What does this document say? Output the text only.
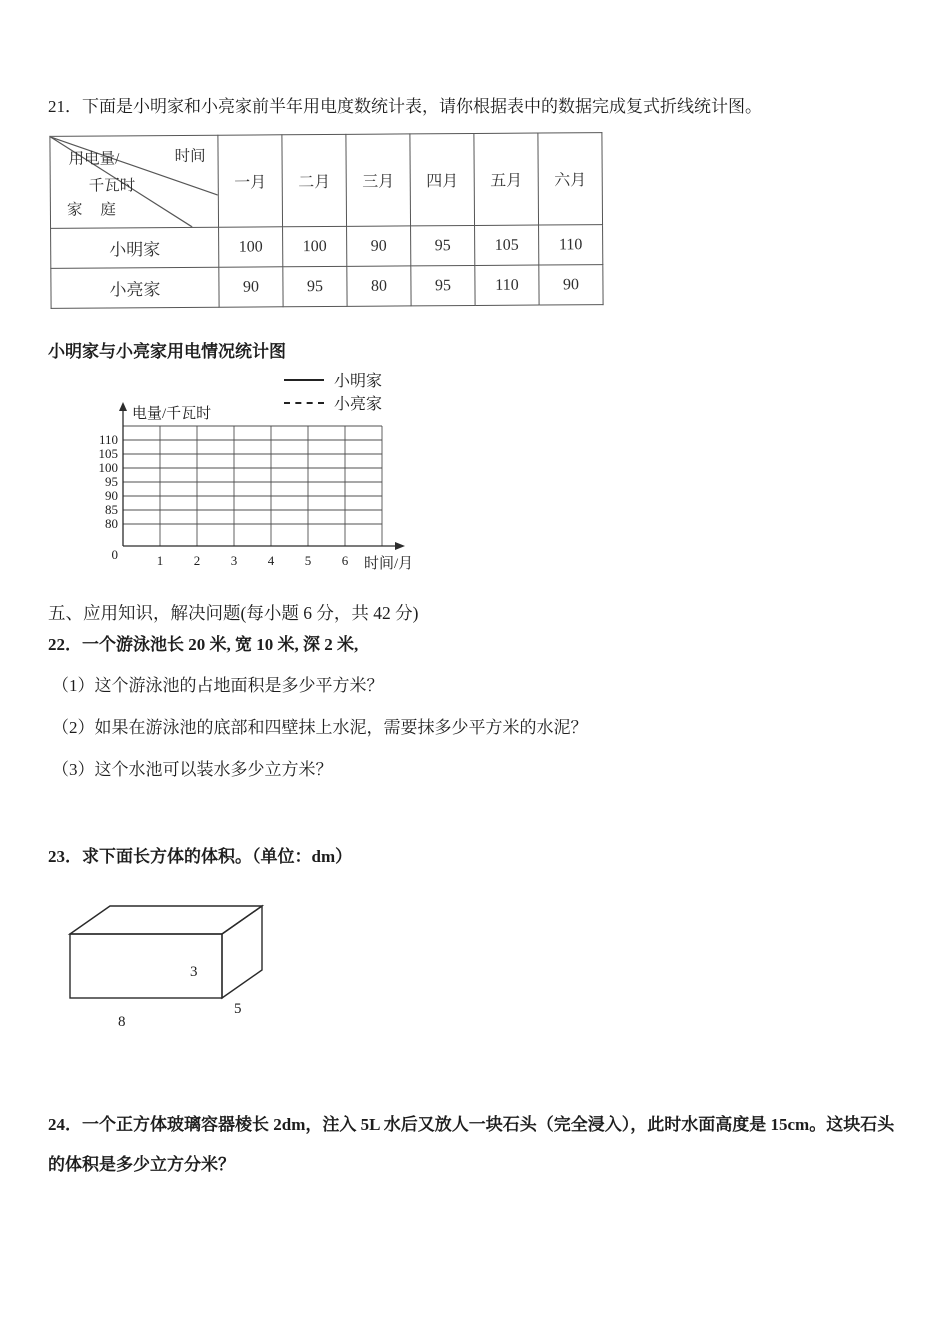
21．下面是小明家和小亮家前半年用电度数统计表，请你根据表中的数据完成复式折线统计图。

用电量/
千瓦时
时间
家 庭	一月	二月	三月	四月	五月	六月
小明家	100	100	90	95	105	110
小亮家	90	95	80	95	110	90

小明家与小亮家用电情况统计图

小明家
小亮家
电量/千瓦时
时间/月
110
105
100
95
90
85
80
0	1 2 3 4 5 6

五、应用知识，解决问题(每小题 6 分，共 42 分)

22．一个游泳池长 20 米, 宽 10 米, 深 2 米,

（1）这个游泳池的占地面积是多少平方米？

（2）如果在游泳池的底部和四壁抹上水泥，需要抹多少平方米的水泥？

（3）这个水池可以装水多少立方米？

23．求下面长方体的体积。（单位：dm）

3
5
8

24．一个正方体玻璃容器棱长 2dm，注入 5L 水后又放人一块石头（完全浸入），此时水面高度是 15cm。这块石头的体积是多少立方分米？
